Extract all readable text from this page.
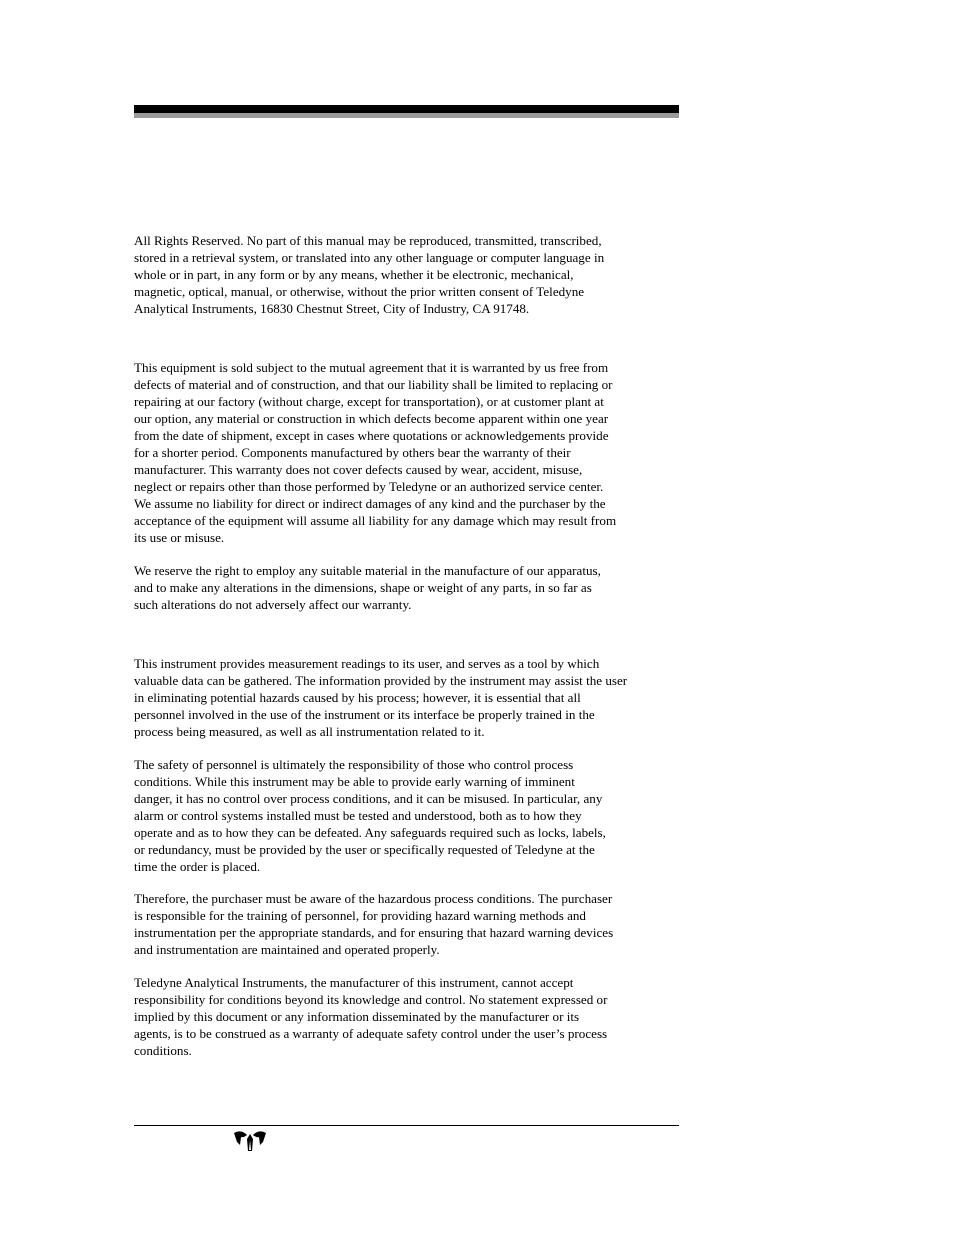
All Rights Reserved. No part of this manual may be reproduced, transmitted, transcribed,
stored in a retrieval system, or translated into any other language or computer language in
whole or in part, in any form or by any means, whether it be electronic, mechanical,
magnetic, optical, manual, or otherwise, without the prior written consent of Teledyne
Analytical Instruments, 16830 Chestnut Street, City of Industry, CA 91748.

This equipment is sold subject to the mutual agreement that it is warranted by us free from
defects of material and of construction, and that our liability shall be limited to replacing or
repairing at our factory (without charge, except for transportation), or at customer plant at
our option, any material or construction in which defects become apparent within one year
from the date of shipment, except in cases where quotations or acknowledgements provide
for a shorter period. Components manufactured by others bear the warranty of their
manufacturer. This warranty does not cover defects caused by wear, accident, misuse,
neglect or repairs other than those performed by Teledyne or an authorized service center.
We assume no liability for direct or indirect damages of any kind and the purchaser by the
acceptance of the equipment will assume all liability for any damage which may result from
its use or misuse.

We reserve the right to employ any suitable material in the manufacture of our apparatus,
and to make any alterations in the dimensions, shape or weight of any parts, in so far as
such alterations do not adversely affect our warranty.

This instrument provides measurement readings to its user, and serves as a tool by which
valuable data can be gathered. The information provided by the instrument may assist the user
in eliminating potential hazards caused by his process; however, it is essential that all
personnel involved in the use of the instrument or its interface be properly trained in the
process being measured, as well as all instrumentation related to it.

The safety of personnel is ultimately the responsibility of those who control process
conditions. While this instrument may be able to provide early warning of imminent
danger, it has no control over process conditions, and it can be misused. In particular, any
alarm or control systems installed must be tested and understood, both as to how they
operate and as to how they can be defeated. Any safeguards required such as locks, labels,
or redundancy, must be provided by the user or specifically requested of Teledyne at the
time the order is placed.

Therefore, the purchaser must be aware of the hazardous process conditions. The purchaser
is responsible for the training of personnel, for providing hazard warning methods and
instrumentation per the appropriate standards, and for ensuring that hazard warning devices
and instrumentation are maintained and operated properly.

Teledyne Analytical Instruments, the manufacturer of this instrument, cannot accept
responsibility for conditions beyond its knowledge and control. No statement expressed or
implied by this document or any information disseminated by the manufacturer or its
agents, is to be construed as a warranty of adequate safety control under the user’s process
conditions.
